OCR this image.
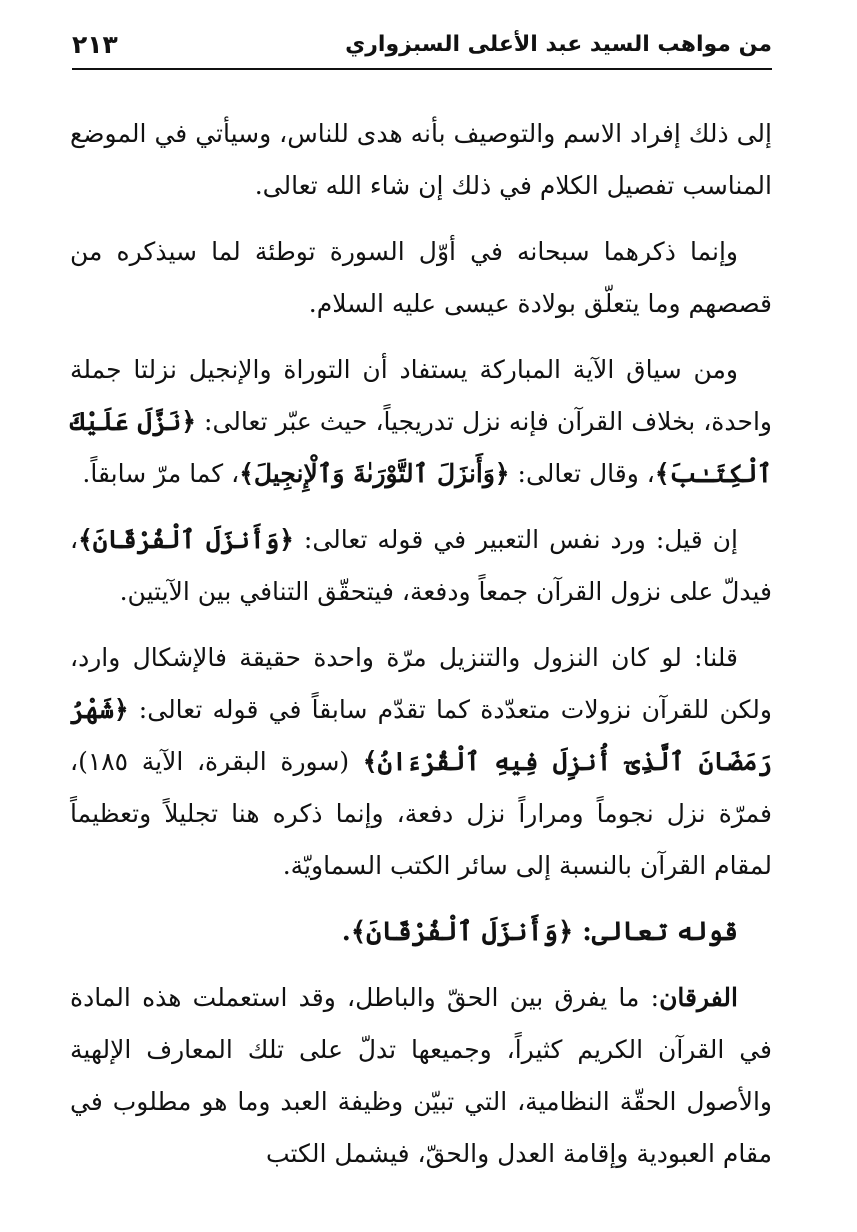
من مواهب السيد عبد الأعلى السبزواري
٢١٣

إلى ذلك إفراد الاسم والتوصيف بأنه هدى للناس، وسيأتي في الموضع المناسب تفصيل الكلام في ذلك إن شاء الله تعالى.

وإنما ذكرهما سبحانه في أوّل السورة توطئة لما سيذكره من قصصهم وما يتعلّق بولادة عيسى عليه السلام.

ومن سياق الآية المباركة يستفاد أن التوراة والإنجيل نزلتا جملة واحدة، بخلاف القرآن فإنه نزل تدريجياً، حيث عبّر تعالى: ﴿نَزَّلَ عَلَيْكَ ٱلْكِتَـٰبَ﴾، وقال تعالى: ﴿وَأَنزَلَ ٱلتَّوْرَىٰةَ وَٱلْإِنجِيلَ﴾، كما مرّ سابقاً.

إن قيل: ورد نفس التعبير في قوله تعالى: ﴿وَأَنزَلَ ٱلْفُرْقَانَ﴾، فيدلّ على نزول القرآن جمعاً ودفعة، فيتحقّق التنافي بين الآيتين.

قلنا: لو كان النزول والتنزيل مرّة واحدة حقيقة فالإشكال وارد، ولكن للقرآن نزولات متعدّدة كما تقدّم سابقاً في قوله تعالى: ﴿شَهْرُ رَمَضَانَ ٱلَّذِىٓ أُنزِلَ فِيهِ ٱلْقُرْءَانُ﴾ (سورة البقرة، الآية ١٨٥)، فمرّة نزل نجوماً ومراراً نزل دفعة، وإنما ذكره هنا تجليلاً وتعظيماً لمقام القرآن بالنسبة إلى سائر الكتب السماويّة.

قوله تعالى: ﴿وَأَنزَلَ ٱلْفُرْقَانَ﴾.

الفرقان: ما يفرق بين الحقّ والباطل، وقد استعملت هذه المادة في القرآن الكريم كثيراً، وجميعها تدلّ على تلك المعارف الإلهية والأصول الحقّة النظامية، التي تبيّن وظيفة العبد وما هو مطلوب في مقام العبودية وإقامة العدل والحقّ، فيشمل الكتب
